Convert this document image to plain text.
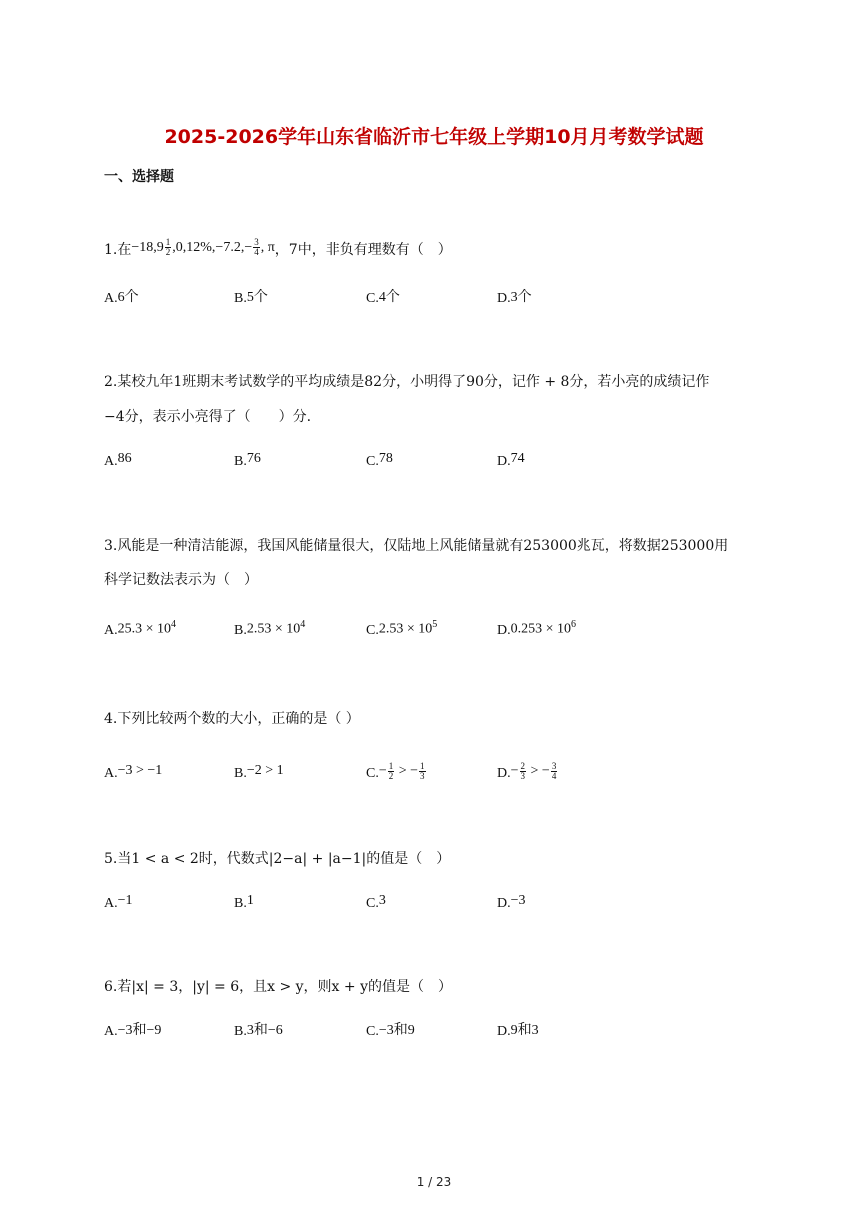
2025-2026学年山东省临沂市七年级上学期10月月考数学试题
一、选择题
1.在$-18,9 \frac{1}{2} ,0,12\%,-7.2,- \frac{3}{4}$ , π，7中，非负有理数有（　）
A. 6个	B. 5个	C. 4个	D. 3个
2.某校九年1班期末考试数学的平均成绩是82分，小明得了90分，记作 + 8分，若小亮的成绩记作
−4分，表示小亮得了（　　）分.
A. 86	B. 76	C. 78	D. 74
3.风能是一种清洁能源，我国风能储量很大，仅陆地上风能储量就有253000兆瓦，将数据253000用
科学记数法表示为（　）
A. $25.3 \times 10^4$	B. $2.53 \times 10^4$	C. $2.53 \times 10^5$	D. $0.253 \times 10^6$
4.下列比较两个数的大小，正确的是（ ）
A. −3 > −1	B. −2 > 1	C. − $\frac{1}{2}$ > − $\frac{1}{3}$	D. − $\frac{2}{3}$ > − $\frac{3}{4}$
5.当1 < a < 2时，代数式|2−a| + |a−1|的值是（　）
A. −1	B. 1	C. 3	D. −3
6.若|x| = 3，|y| = 6，且x > y，则x + y的值是（　）
A. −3和−9	B. 3和−6	C. −3和9	D. 9和3
1 / 23
